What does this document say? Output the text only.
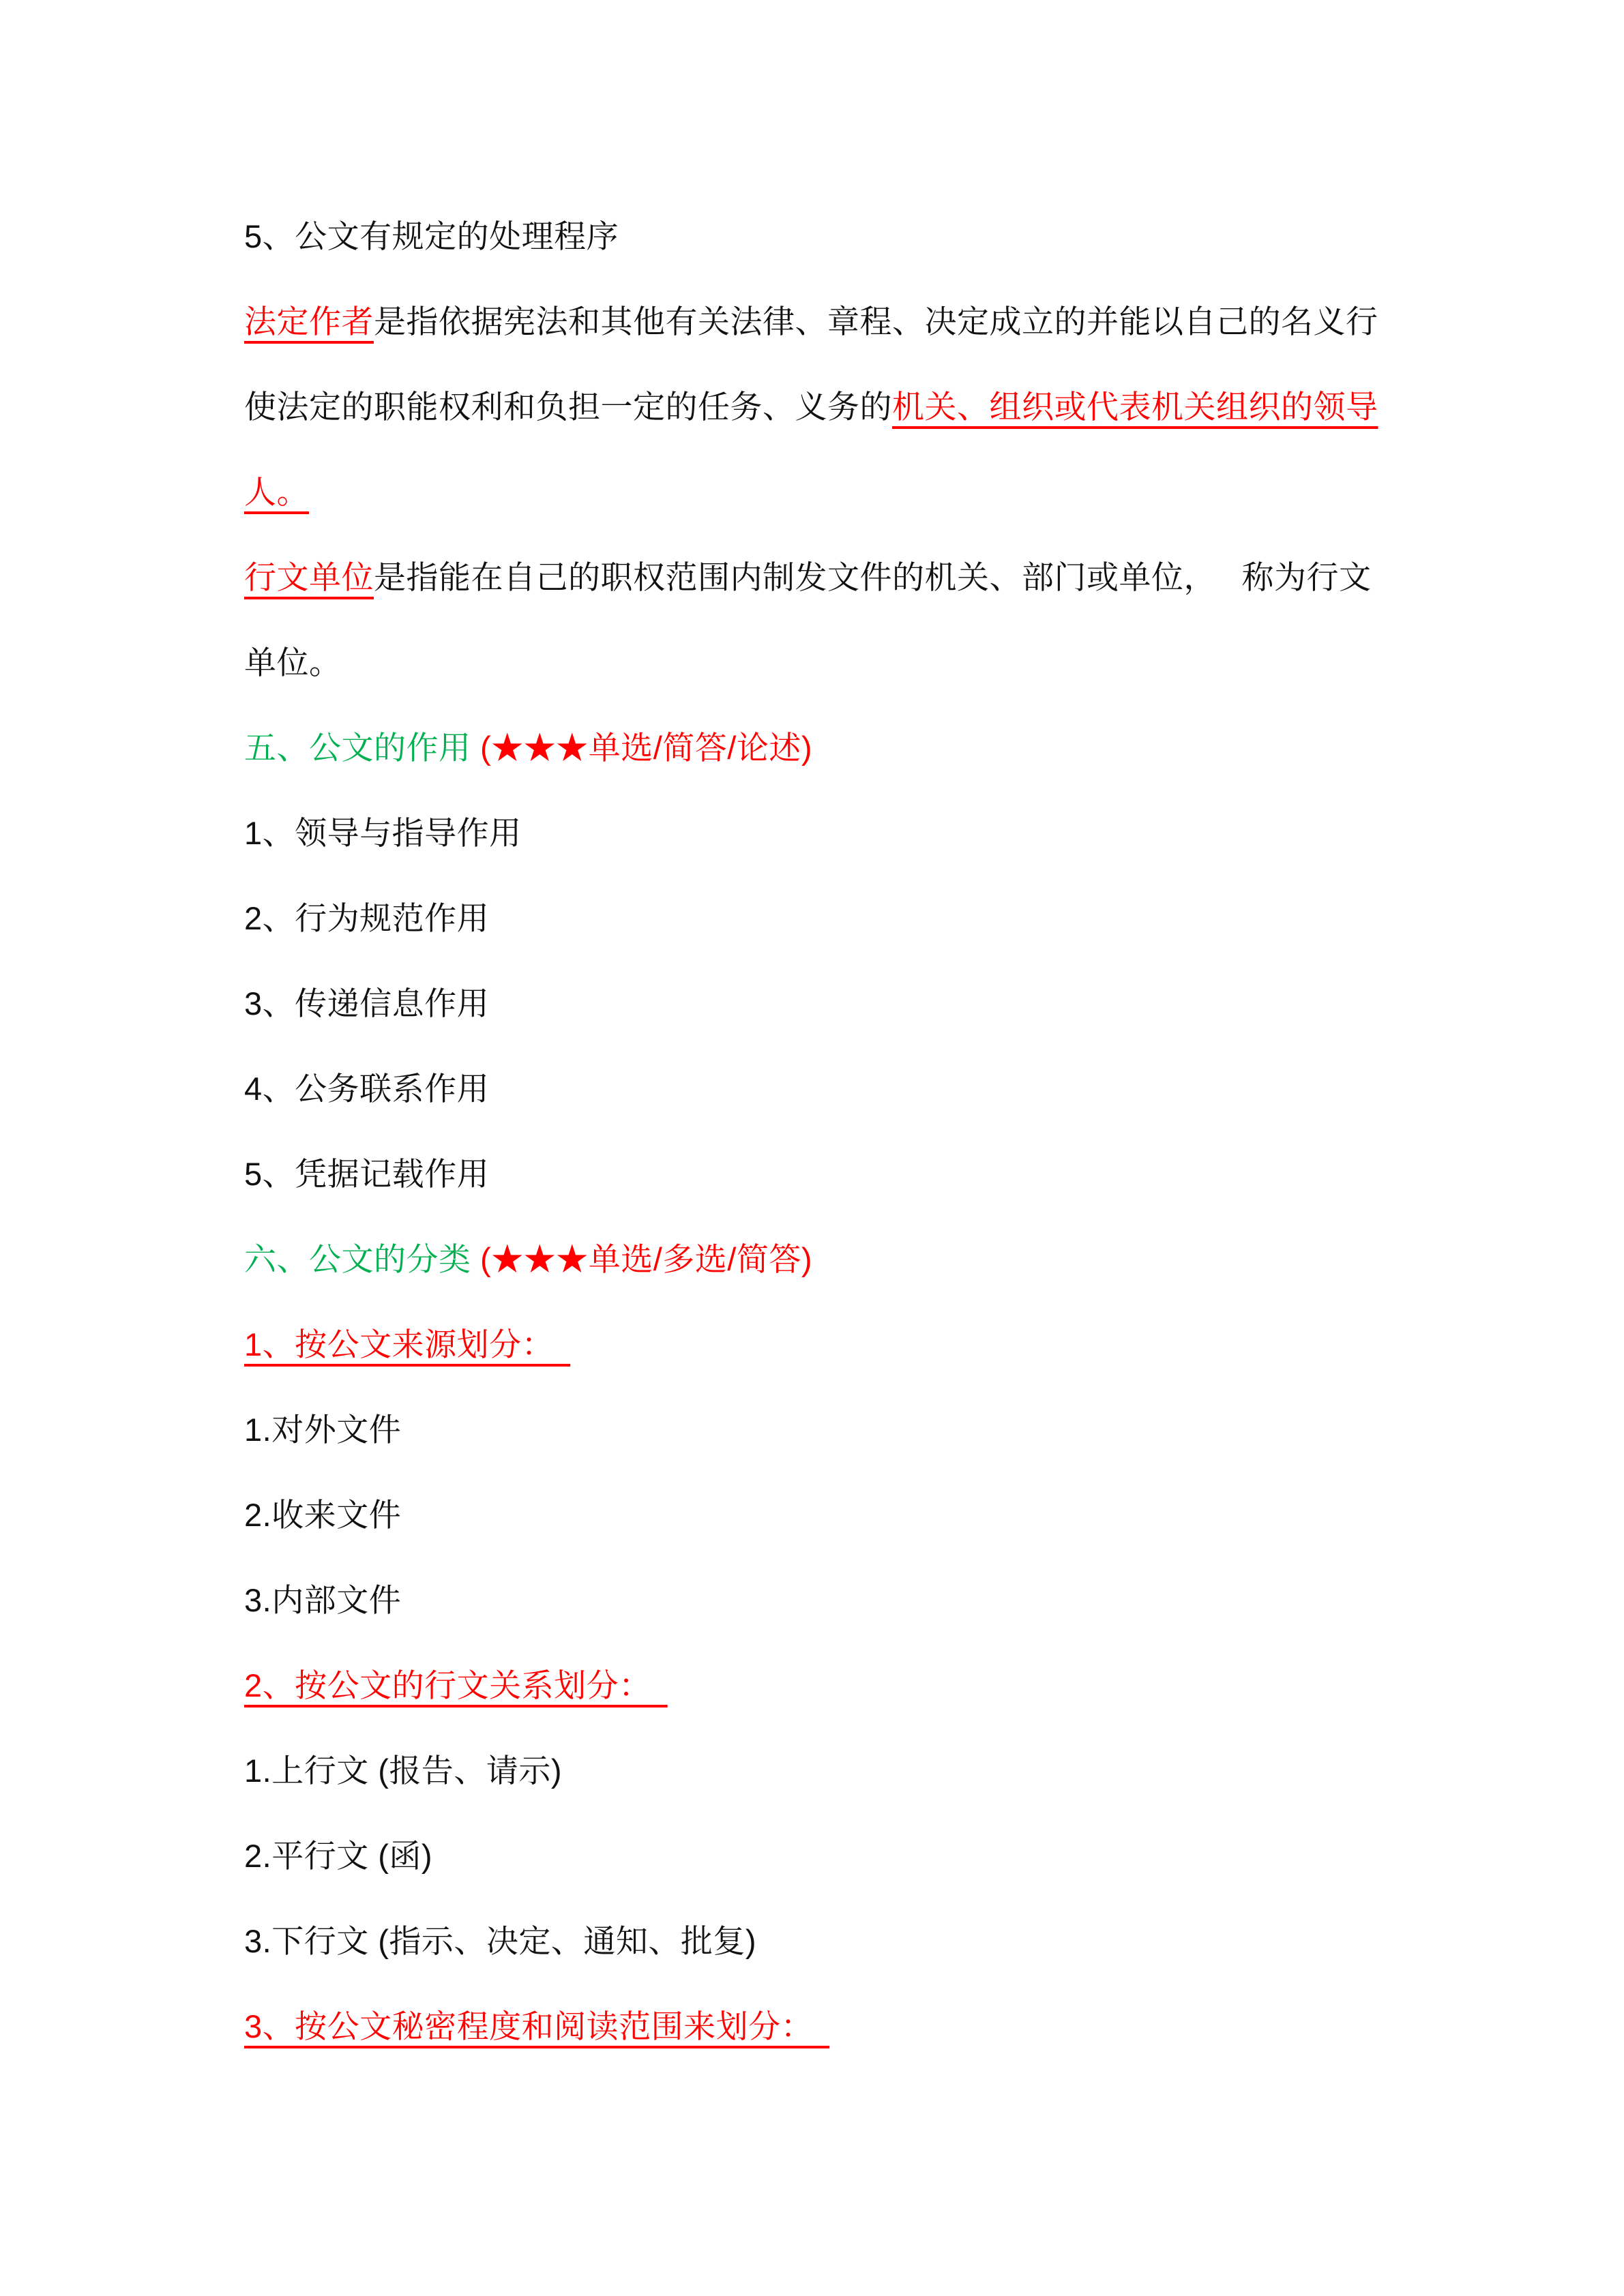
5、公文有规定的处理程序
法定作者是指依据宪法和其他有关法律、章程、决定成立的并能以自己的名义行
使法定的职能权利和负担一定的任务、义务的机关、组织或代表机关组织的领导
人。
行文单位是指能在自己的职权范围内制发文件的机关、部门或单位，　 称为行文
单位。
五、公文的作用 (★★★单选/简答/论述)
1、领导与指导作用
2、行为规范作用
3、传递信息作用
4、公务联系作用
5、凭据记载作用
六、公文的分类 (★★★单选/多选/简答)
1、按公文来源划分：　
1.对外文件
2.收来文件
3.内部文件
2、按公文的行文关系划分：　
1.上行文 (报告、请示)
2.平行文 (函)
3.下行文 (指示、决定、通知、批复)
3、按公文秘密程度和阅读范围来划分：　
